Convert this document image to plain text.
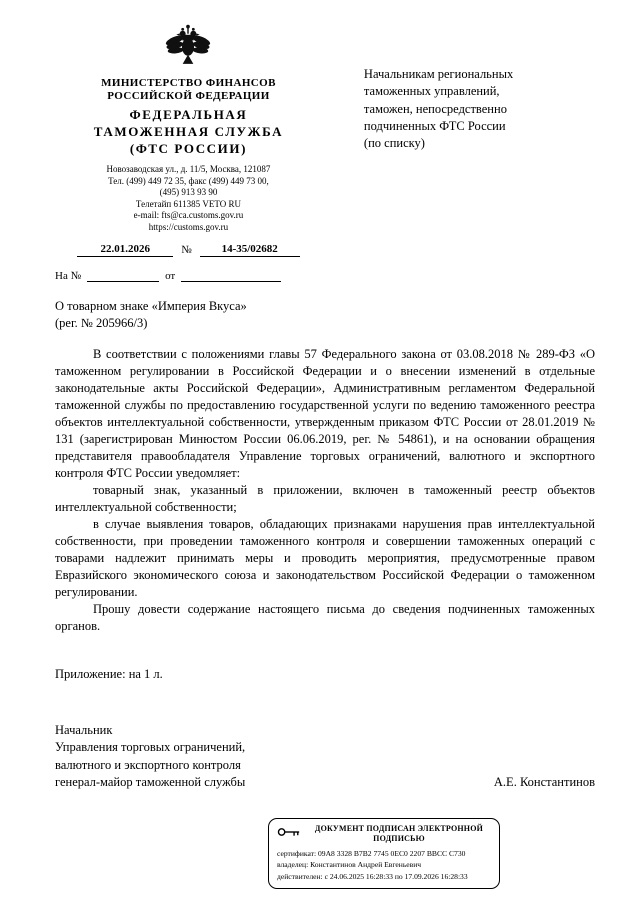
МИНИСТЕРСТВО ФИНАНСОВ
РОССИЙСКОЙ ФЕДЕРАЦИИ
ФЕДЕРАЛЬНАЯ
ТАМОЖЕННАЯ СЛУЖБА
(ФТС РОССИИ)
Новозаводская ул., д. 11/5, Москва, 121087
Тел. (499) 449 72 35, факс (499) 449 73 00,
(495) 913 93 90
Телетайп 611385 VETO RU
e-mail: fts@ca.customs.gov.ru
https://customs.gov.ru
22.01.2026	№	14-35/02682
На №	от
Начальникам региональных
таможенных управлений,
таможен, непосредственно
подчиненных ФТС России
(по списку)
О товарном знаке «Империя Вкуса»
(рег. № 205966/3)

В соответствии с положениями главы 57 Федерального закона от 03.08.2018 № 289-ФЗ «О таможенном регулировании в Российской Федерации и о внесении изменений в отдельные законодательные акты Российской Федерации», Административным регламентом Федеральной таможенной службы по предоставлению государственной услуги по ведению таможенного реестра объектов интеллектуальной собственности, утвержденным приказом ФТС России от 28.01.2019 № 131 (зарегистрирован Минюстом России 06.06.2019, рег. № 54861), и на основании обращения представителя правообладателя Управление торговых ограничений, валютного и экспортного контроля ФТС России уведомляет:

товарный знак, указанный в приложении, включен в таможенный реестр объектов интеллектуальной собственности;

в случае выявления товаров, обладающих признаками нарушения прав интеллектуальной собственности, при проведении таможенного контроля и совершении таможенных операций с товарами надлежит принимать меры и проводить мероприятия, предусмотренные правом Евразийского экономического союза и законодательством Российской Федерации о таможенном регулировании.

Прошу довести содержание настоящего письма до сведения подчиненных таможенных органов.

Приложение: на 1 л.
Начальник
Управления торговых ограничений,
валютного и экспортного контроля
генерал-майор таможенной службы	А.Е. Константинов
ДОКУМЕНТ ПОДПИСАН ЭЛЕКТРОННОЙ ПОДПИСЬЮ
сертификат: 09A8 3328 B7B2 7745 0EC0 2207 BBCC C730
владелец: Константинов Андрей Евгеньевич
действителен: с 24.06.2025 16:28:33 по 17.09.2026 16:28:33
